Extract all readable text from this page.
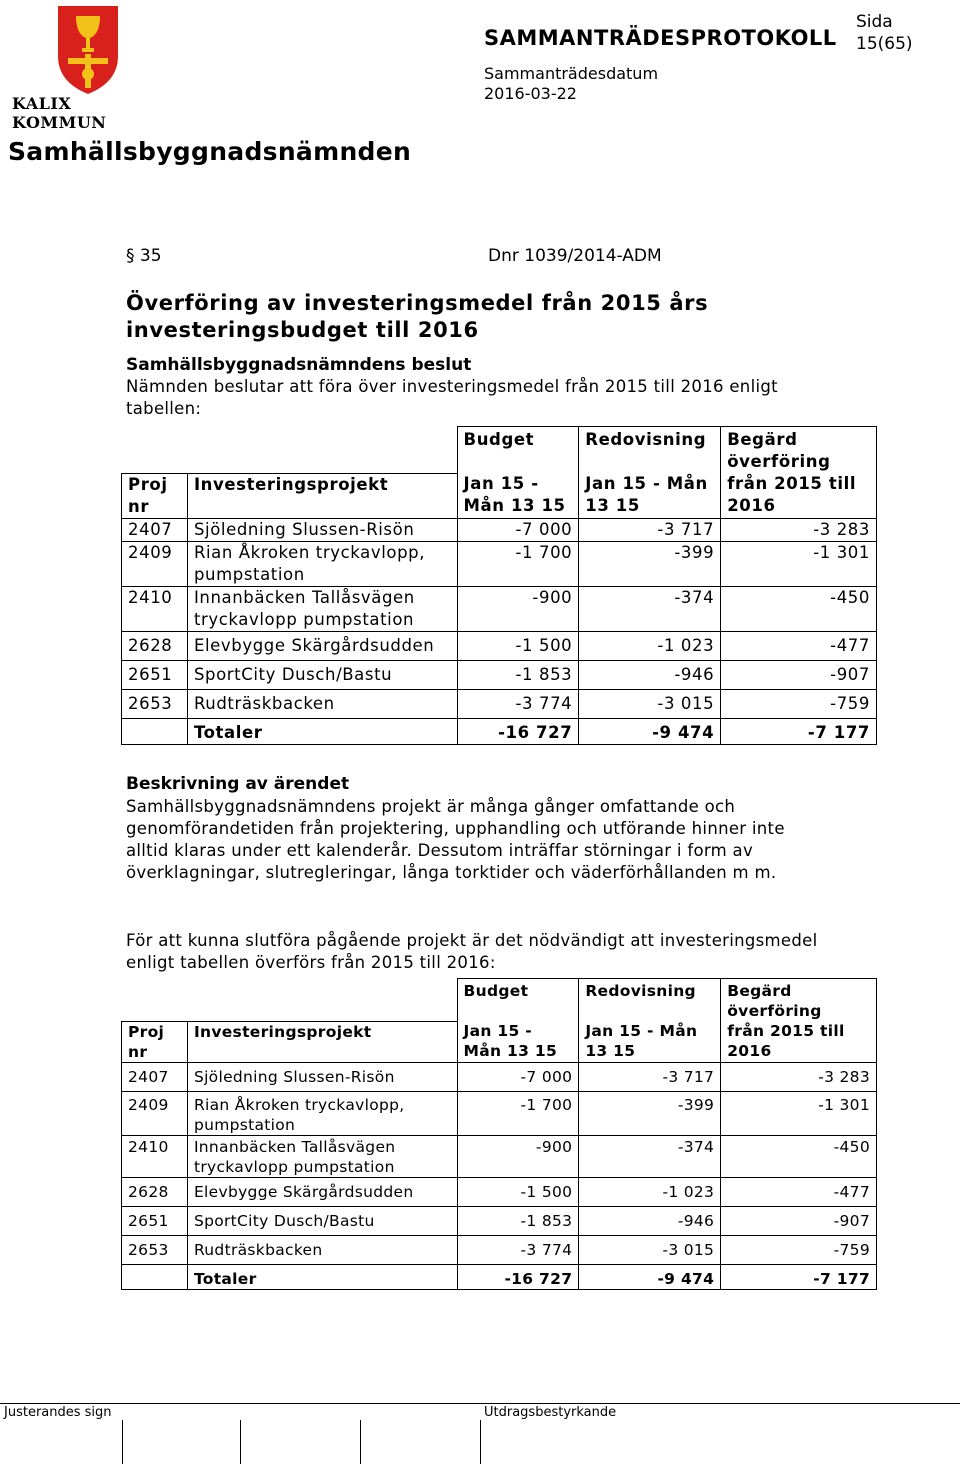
KALIX KOMMUN
SAMMANTRÄDESPROTOKOLL
Sida
15(65)
Sammanträdesdatum
2016-03-22
Samhällsbyggnadsnämnden
§ 35	Dnr 1039/2014-ADM
Överföring av investeringsmedel från 2015 års investeringsbudget till 2016
Samhällsbyggnadsnämndens beslut
Nämnden beslutar att föra över investeringsmedel från 2015 till 2016 enligt tabellen:
		Budget	Redovisning	Begärd överföring
Proj nr	Investeringsprojekt	Jan 15 - Mån 13 15	Jan 15 - Mån 13 15	från 2015 till 2016
2407	Sjöledning Slussen-Risön	-7 000	-3 717	-3 283
2409	Rian Åkroken tryckavlopp, pumpstation	-1 700	-399	-1 301
2410	Innanbäcken Tallåsvägen tryckavlopp pumpstation	-900	-374	-450
2628	Elevbygge Skärgårdsudden	-1 500	-1 023	-477
2651	SportCity Dusch/Bastu	-1 853	-946	-907
2653	Rudträskbacken	-3 774	-3 015	-759
	Totaler	-16 727	-9 474	-7 177
Beskrivning av ärendet
Samhällsbyggnadsnämndens projekt är många gånger omfattande och genomförandetiden från projektering, upphandling och utförande hinner inte alltid klaras under ett kalenderår. Dessutom inträffar störningar i form av överklagningar, slutregleringar, långa torktider och väderförhållanden m m.
För att kunna slutföra pågående projekt är det nödvändigt att investeringsmedel enligt tabellen överförs från 2015 till 2016:
		Budget	Redovisning	Begärd överföring
Proj nr	Investeringsprojekt	Jan 15 - Mån 13 15	Jan 15 - Mån 13 15	från 2015 till 2016
2407	Sjöledning Slussen-Risön	-7 000	-3 717	-3 283
2409	Rian Åkroken tryckavlopp, pumpstation	-1 700	-399	-1 301
2410	Innanbäcken Tallåsvägen tryckavlopp pumpstation	-900	-374	-450
2628	Elevbygge Skärgårdsudden	-1 500	-1 023	-477
2651	SportCity Dusch/Bastu	-1 853	-946	-907
2653	Rudträskbacken	-3 774	-3 015	-759
	Totaler	-16 727	-9 474	-7 177
Justerandes sign	Utdragsbestyrkande
